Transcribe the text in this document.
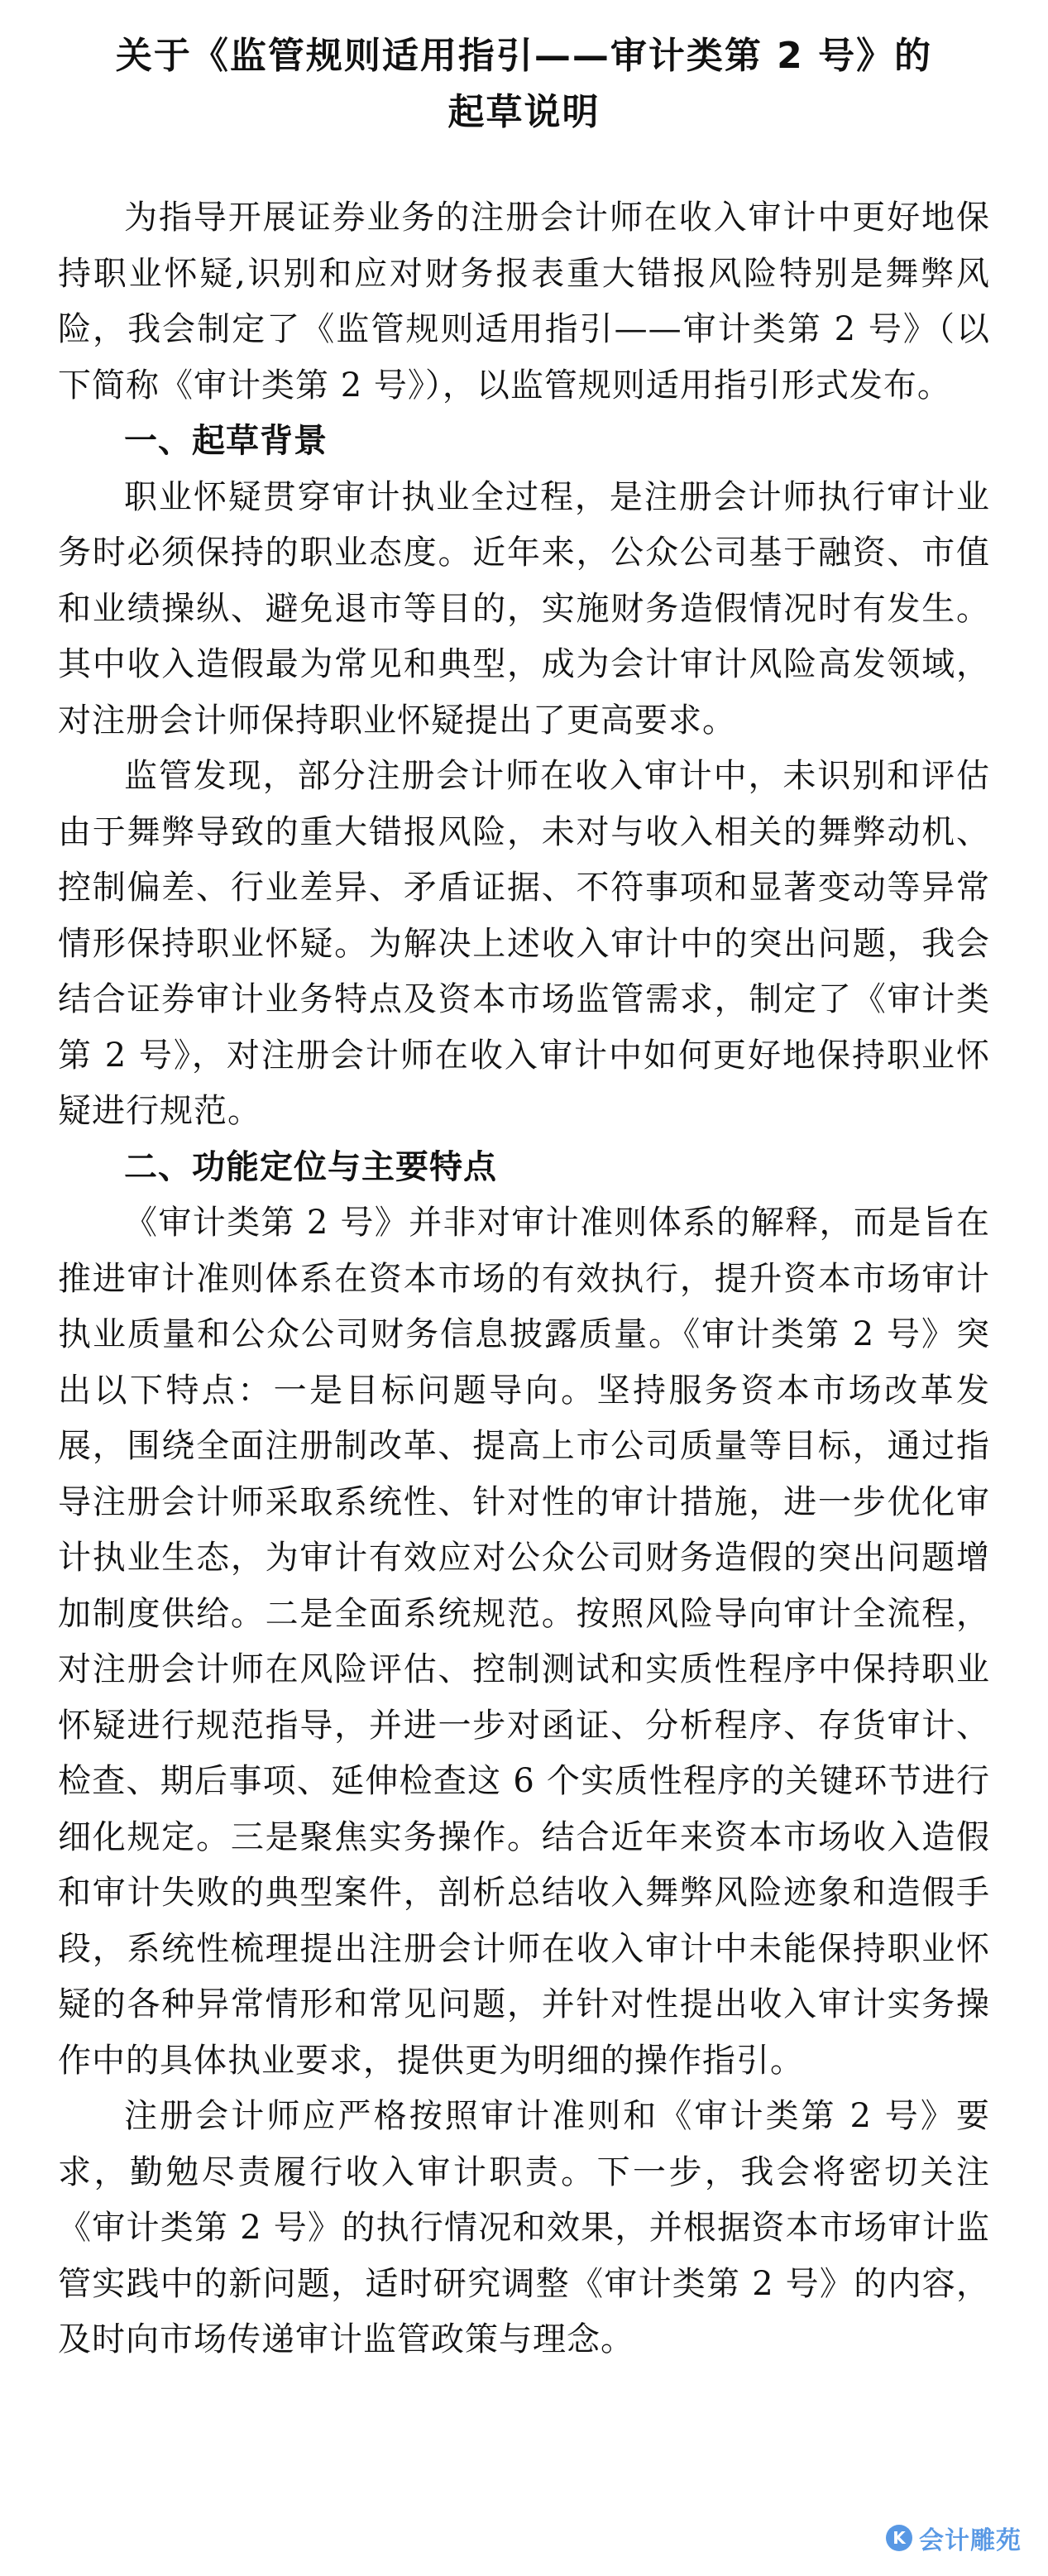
关于《监管规则适用指引——审计类第 2 号》的
起草说明

为指导开展证券业务的注册会计师在收入审计中更好地保持职业怀疑,识别和应对财务报表重大错报风险特别是舞弊风险，我会制定了《监管规则适用指引——审计类第 2 号》（以下简称《审计类第 2 号》），以监管规则适用指引形式发布。

一、起草背景

职业怀疑贯穿审计执业全过程，是注册会计师执行审计业务时必须保持的职业态度。近年来，公众公司基于融资、市值和业绩操纵、避免退市等目的，实施财务造假情况时有发生。其中收入造假最为常见和典型，成为会计审计风险高发领域，对注册会计师保持职业怀疑提出了更高要求。

监管发现，部分注册会计师在收入审计中，未识别和评估由于舞弊导致的重大错报风险，未对与收入相关的舞弊动机、控制偏差、行业差异、矛盾证据、不符事项和显著变动等异常情形保持职业怀疑。为解决上述收入审计中的突出问题，我会结合证券审计业务特点及资本市场监管需求，制定了《审计类第 2 号》，对注册会计师在收入审计中如何更好地保持职业怀疑进行规范。

二、功能定位与主要特点

《审计类第 2 号》并非对审计准则体系的解释，而是旨在推进审计准则体系在资本市场的有效执行，提升资本市场审计执业质量和公众公司财务信息披露质量。《审计类第 2 号》突出以下特点：一是目标问题导向。坚持服务资本市场改革发展，围绕全面注册制改革、提高上市公司质量等目标，通过指导注册会计师采取系统性、针对性的审计措施，进一步优化审计执业生态，为审计有效应对公众公司财务造假的突出问题增加制度供给。二是全面系统规范。按照风险导向审计全流程，对注册会计师在风险评估、控制测试和实质性程序中保持职业怀疑进行规范指导，并进一步对函证、分析程序、存货审计、检查、期后事项、延伸检查这 6 个实质性程序的关键环节进行细化规定。三是聚焦实务操作。结合近年来资本市场收入造假和审计失败的典型案件，剖析总结收入舞弊风险迹象和造假手段，系统性梳理提出注册会计师在收入审计中未能保持职业怀疑的各种异常情形和常见问题，并针对性提出收入审计实务操作中的具体执业要求，提供更为明细的操作指引。

注册会计师应严格按照审计准则和《审计类第 2 号》要求，勤勉尽责履行收入审计职责。下一步，我会将密切关注《审计类第 2 号》的执行情况和效果，并根据资本市场审计监管实践中的新问题，适时研究调整《审计类第 2 号》的内容，及时向市场传递审计监管政策与理念。

K 会计雕苑
